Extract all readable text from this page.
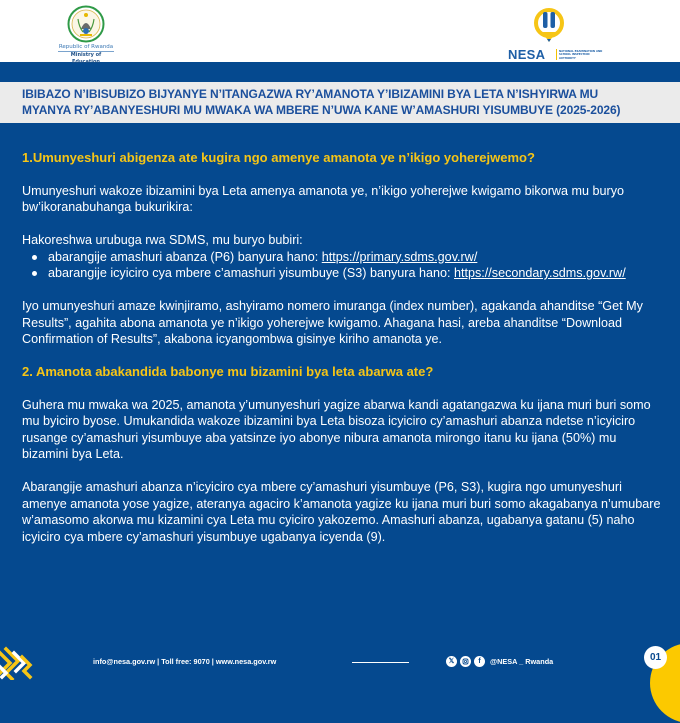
Republic of Rwanda
Ministry of Education	NESA	NATIONAL EXAMINATION AND SCHOOL INSPECTION AUTHORITY
IBIBAZO N’IBISUBIZO BIJYANYE N’ITANGAZWA RY’AMANOTA Y’IBIZAMINI BYA LETA N’ISHYIRWA MU
MYANYA RY’ABANYESHURI MU MWAKA WA MBERE N’UWA KANE W’AMASHURI YISUMBUYE (2025-2026)

1.Umunyeshuri abigenza ate kugira ngo amenye amanota ye n’ikigo yoherejwemo?

Umunyeshuri wakoze ibizamini bya Leta amenya amanota ye, n’ikigo yoherejwe kwigamo bikorwa mu buryo bw’ikoranabuhanga bukurikira:

Hakoreshwa urubuga rwa SDMS, mu buryo bubiri:

abarangije amashuri abanza (P6) banyura hano: https://primary.sdms.gov.rw/
abarangije icyiciro cya mbere c’amashuri yisumbuye (S3) banyura hano: https://secondary.sdms.gov.rw/

Iyo umunyeshuri amaze kwinjiramo, ashyiramo nomero imuranga (index number), agakanda ahanditse “Get My Results”, agahita abona amanota ye n’ikigo yoherejwe kwigamo. Ahagana hasi, areba ahanditse “Download Confirmation of Results”, akabona icyangombwa gisinye kiriho amanota ye.

2. Amanota abakandida babonye mu bizamini bya leta abarwa ate?

Guhera mu mwaka wa 2025, amanota y’umunyeshuri yagize abarwa kandi agatangazwa ku ijana muri buri somo mu byiciro byose. Umukandida wakoze ibizamini bya Leta bisoza icyiciro cy’amashuri abanza ndetse n’icyiciro rusange cy’amashuri yisumbuye aba yatsinze iyo abonye nibura amanota mirongo itanu ku ijana (50%) mu bizamini bya Leta.

Abarangije amashuri abanza n’icyiciro cya mbere cy’amashuri yisumbuye (P6, S3), kugira ngo umunyeshuri amenye amanota yose yagize, ateranya agaciro k’amanota yagize ku ijana muri buri somo akagabanya n’umubare w’amasomo akorwa mu kizamini cya Leta mu cyiciro yakozemo. Amashuri abanza, ugabanya gatanu (5) naho icyiciro cya mbere cy’amashuri yisumbuye ugabanya icyenda (9).

info@nesa.gov.rw | Toll free: 9070 | www.nesa.gov.rw	𝕏	f	@NESA _ Rwanda	01
